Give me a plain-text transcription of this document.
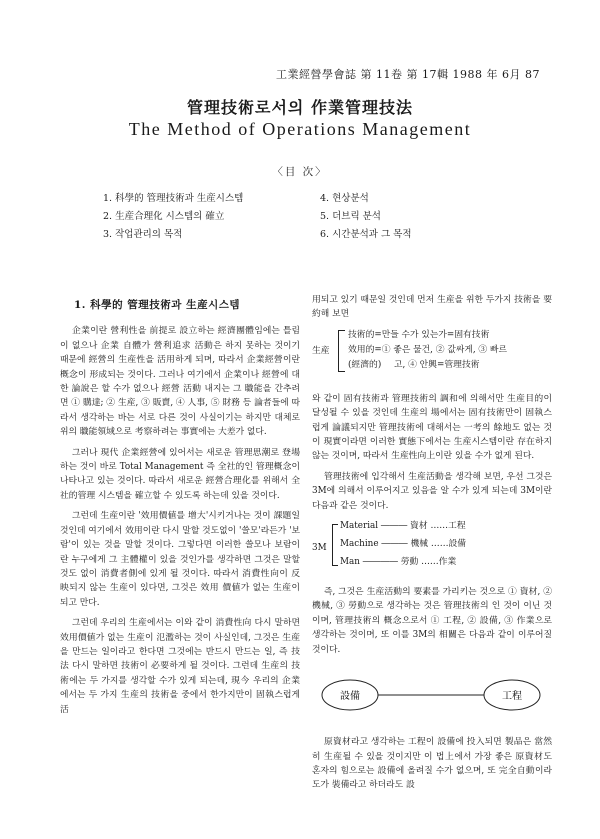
工業經營學會誌 第 11卷 第 17輯 1988 年 6月 87
管理技術로서의 作業管理技法
The Method of Operations Management
〈目 次〉
1. 科學的 管理技術과 生産시스템
2. 生産合理化 시스템의 確立
3. 작업관리의 목적
4. 현상분석
5. 더브릭 분석
6. 시간분석과 그 목적
1. 科學的 管理技術과 生産시스템

企業이란 營利性을 前提로 設立하는 經濟團體임에는 틀림이 없으나 企業 自體가 營利追求 活動은 하지 못하는 것이기 때문에 經營의 生産性을 活用하게 되며, 따라서 企業經營이란 概念이 形成되는 것이다. 그러나 여기에서 企業이나 經營에 대한 論說은 할 수가 없으나 經營 活動 내지는 그 職能을 간추려면 ① 購達; ② 生産, ③ 販賣, ④ 人事, ⑤ 財務 등 論者들에 따라서 생각하는 바는 서로 다른 것이 사실이기는 하지만 대체로 위의 職能領域으로 考察하려는 事實에는 大差가 없다.

그러나 現代 企業經營에 있어서는 새로운 管理思潮로 登場하는 것이 바로 Total Management 즉 全社的인 管理概念이 나타나고 있는 것이다. 따라서 새로운 經營合理化를 위해서 全社的管理 시스템을 確立할 수 있도록 하는데 있을 것이다.

그런데 生産이란 '效用價値를 增大'시키거나는 것이 課題일 것인데 여기에서 效用이란 다시 말할 것도없이 '쓸모'라든가 '보람'이 있는 것을 말할 것이다. 그렇다면 이러한 쓸모나 보람이란 누구에게 그 主體權이 있을 것인가를 생각하면 그것은 말할 것도 없이 消費者側에 있게 될 것이다. 따라서 消費性向이 反映되지 않는 生産이 있다면, 그것은 效用 價値가 없는 生産이 되고 만다.

그런데 우리의 生産에서는 이와 같이 消費性向 다시 말하면 效用價値가 없는 生産이 氾濫하는 것이 사실인데, 그것은 生産을 만드는 일이라고 한다면 그것에는 반드시 만드는 일, 즉 技法 다시 말하면 技術이 必要하게 될 것이다. 그런데 生産의 技術에는 두 가지를 생각할 수가 있게 되는데, 現今 우리의 企業에서는 두 가지 生産의 技術을 중에서 한가지만이 固執스럽게 活

用되고 있기 때문일 것인데 먼저 生産을 위한 두가지 技術을 要約해 보면

生産
技術的=만들 수가 있는가=固有技術
效用的=① 좋은 물건, ② 값싸게, ③ 빠르
(經濟的) 고, ④ 안興=管理技術

와 같이 固有技術과 管理技術의 調和에 의해서만 生産目的이 달성될 수 있을 것인데 生産의 場에서는 固有技術만이 固執스럽게 論議되지만 管理技術에 대해서는 一考의 餘地도 없는 것이 現實이라면 이러한 實態下에서는 生産시스템이란 存在하지 않는 것이며, 따라서 生産性向上이란 있을 수가 없게 된다.

管理技術에 입각해서 生産活動을 생각해 보면, 우선 그것은 3M에 의해서 이루어지고 있음을 알 수가 있게 되는데 3M이란 다음과 같은 것이다.

3M
Material ――― 資材 ……工程
Machine ――― 機械 ……設備
Man ―――― 勞動 ……作業

즉, 그것은 生産活動의 要素를 가리키는 것으로 ① 資材, ② 機械, ③ 勞動으로 생각하는 것은 管理技術의 인 것이 이닌 것이며, 管理技術의 概念으로서 ① 工程, ② 設備, ③ 作業으로 생각하는 것이며, 또 이를 3M의 相關은 다음과 같이 이루어질 것이다.

設備	工程

原資材라고 생각하는 工程이 設備에 投入되면 製品은 當然히 生産될 수 있을 것이지만 이 법上에서 가장 좋은 原資材도 혼자의 힘으로는 設備에 올려질 수가 없으며, 또 完全自動이라도가 裝備라고 하더라도 設
